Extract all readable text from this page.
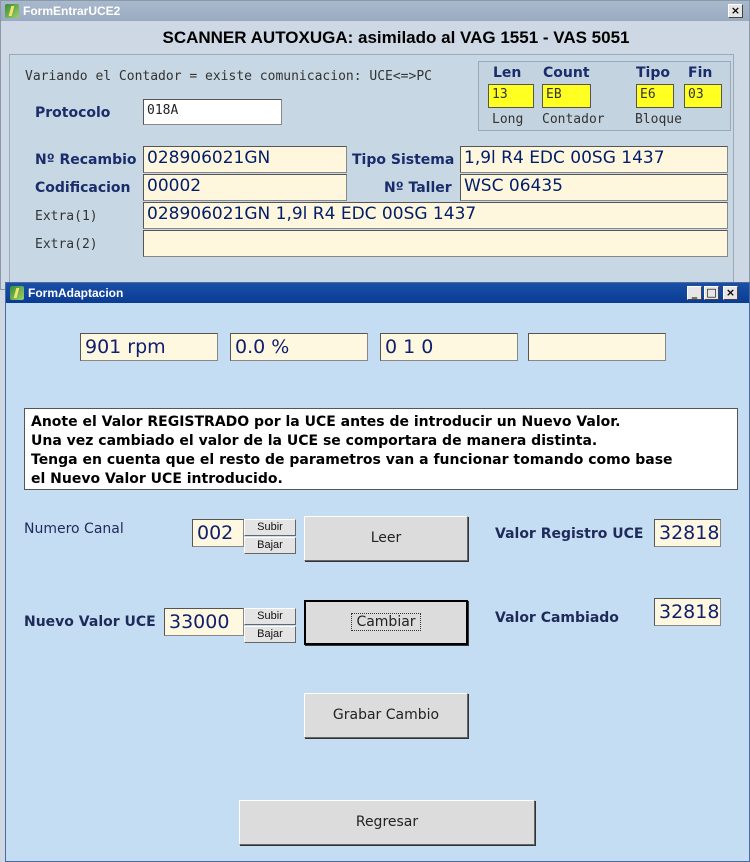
FormEntrarUCE2	×
SCANNER AUTOXUGA: asimilado al VAG 1551 - VAS 5051
Variando el Contador = existe comunicacion: UCE<=>PC	Len Count	Tipo Fin
13	EB	E6	03
Long Contador Bloque
Protocolo	018A
Nº Recambio 028906021GN	Tipo Sistema 1,9l R4 EDC 00SG 1437
Codificacion 00002	Nº Taller WSC 06435
Extra(1)	028906021GN 1,9l R4 EDC 00SG 1437
Extra(2)
FormAdaptacion	_ □ ×
901 rpm	0.0 %	0 1 0
Anote el Valor REGISTRADO por la UCE antes de introducir un Nuevo Valor.
Una vez cambiado el valor de la UCE se comportara de manera distinta.
Tenga en cuenta que el resto de parametros van a funcionar tomando como base
el Nuevo Valor UCE introducido.
Numero Canal	002	Subir
Bajar	Leer	Valor Registro UCE 32818
Nuevo Valor UCE 33000	Subir
Bajar
Cambiar	Valor Cambiado 32818
Grabar Cambio
Regresar
